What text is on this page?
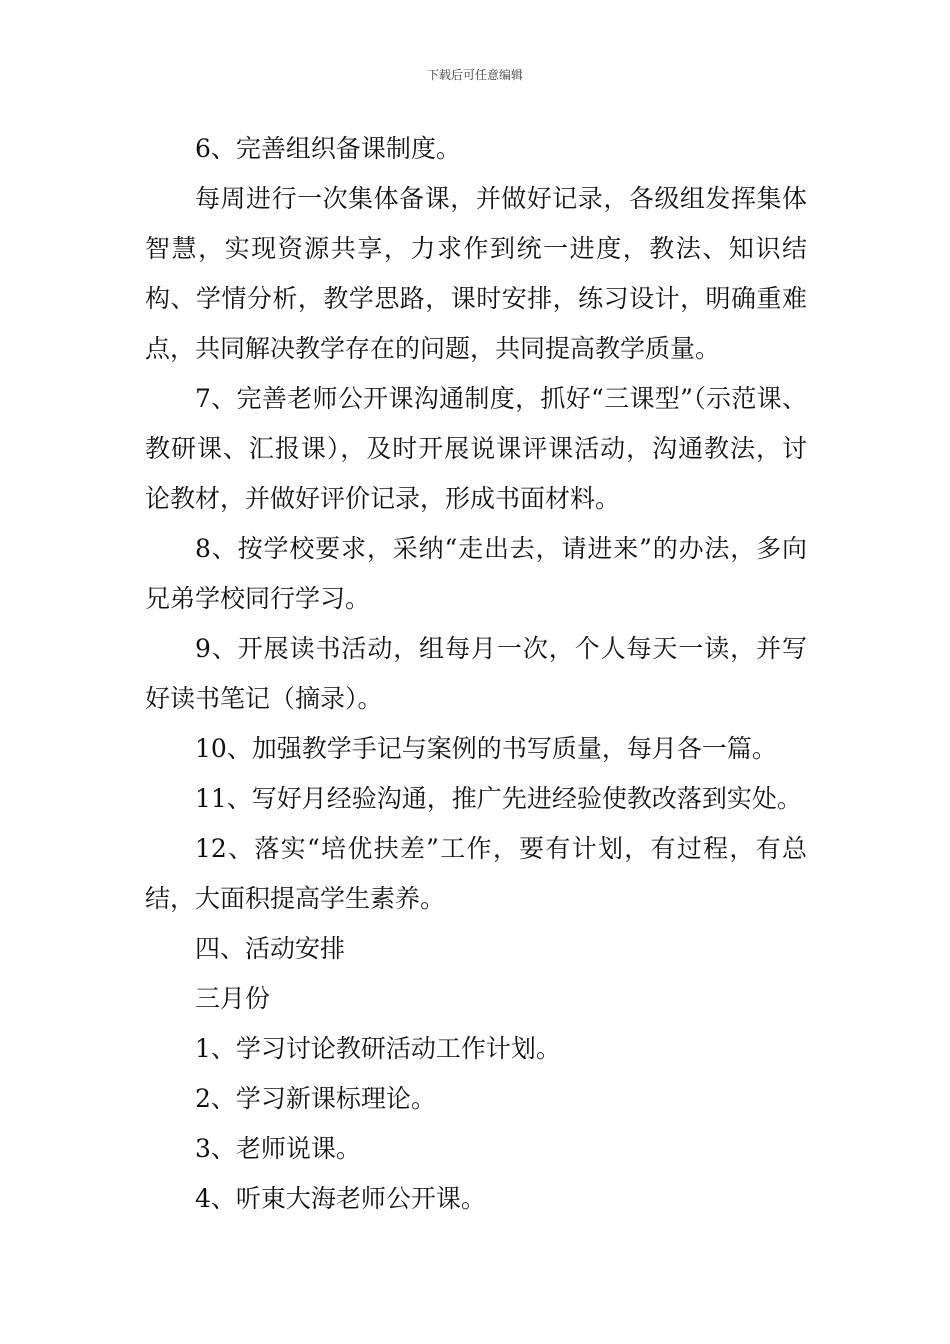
下载后可任意编辑

6、完善组织备课制度。

每周进行一次集体备课，并做好记录，各级组发挥集体智慧，实现资源共享，力求作到统一进度，教法、知识结构、学情分析，教学思路，课时安排，练习设计，明确重难点，共同解决教学存在的问题，共同提高教学质量。

7、完善老师公开课沟通制度，抓好“三课型”（示范课、教研课、汇报课），及时开展说课评课活动，沟通教法，讨论教材，并做好评价记录，形成书面材料。

8、按学校要求，采纳“走出去，请进来”的办法，多向兄弟学校同行学习。

9、开展读书活动，组每月一次，个人每天一读，并写好读书笔记（摘录）。

10、加强教学手记与案例的书写质量，每月各一篇。

11、写好月经验沟通，推广先进经验使教改落到实处。

12、落实“培优扶差”工作，要有计划，有过程，有总结，大面积提高学生素养。

四、活动安排

三月份

1、学习讨论教研活动工作计划。

2、学习新课标理论。

3、老师说课。

4、听東大海老师公开课。
